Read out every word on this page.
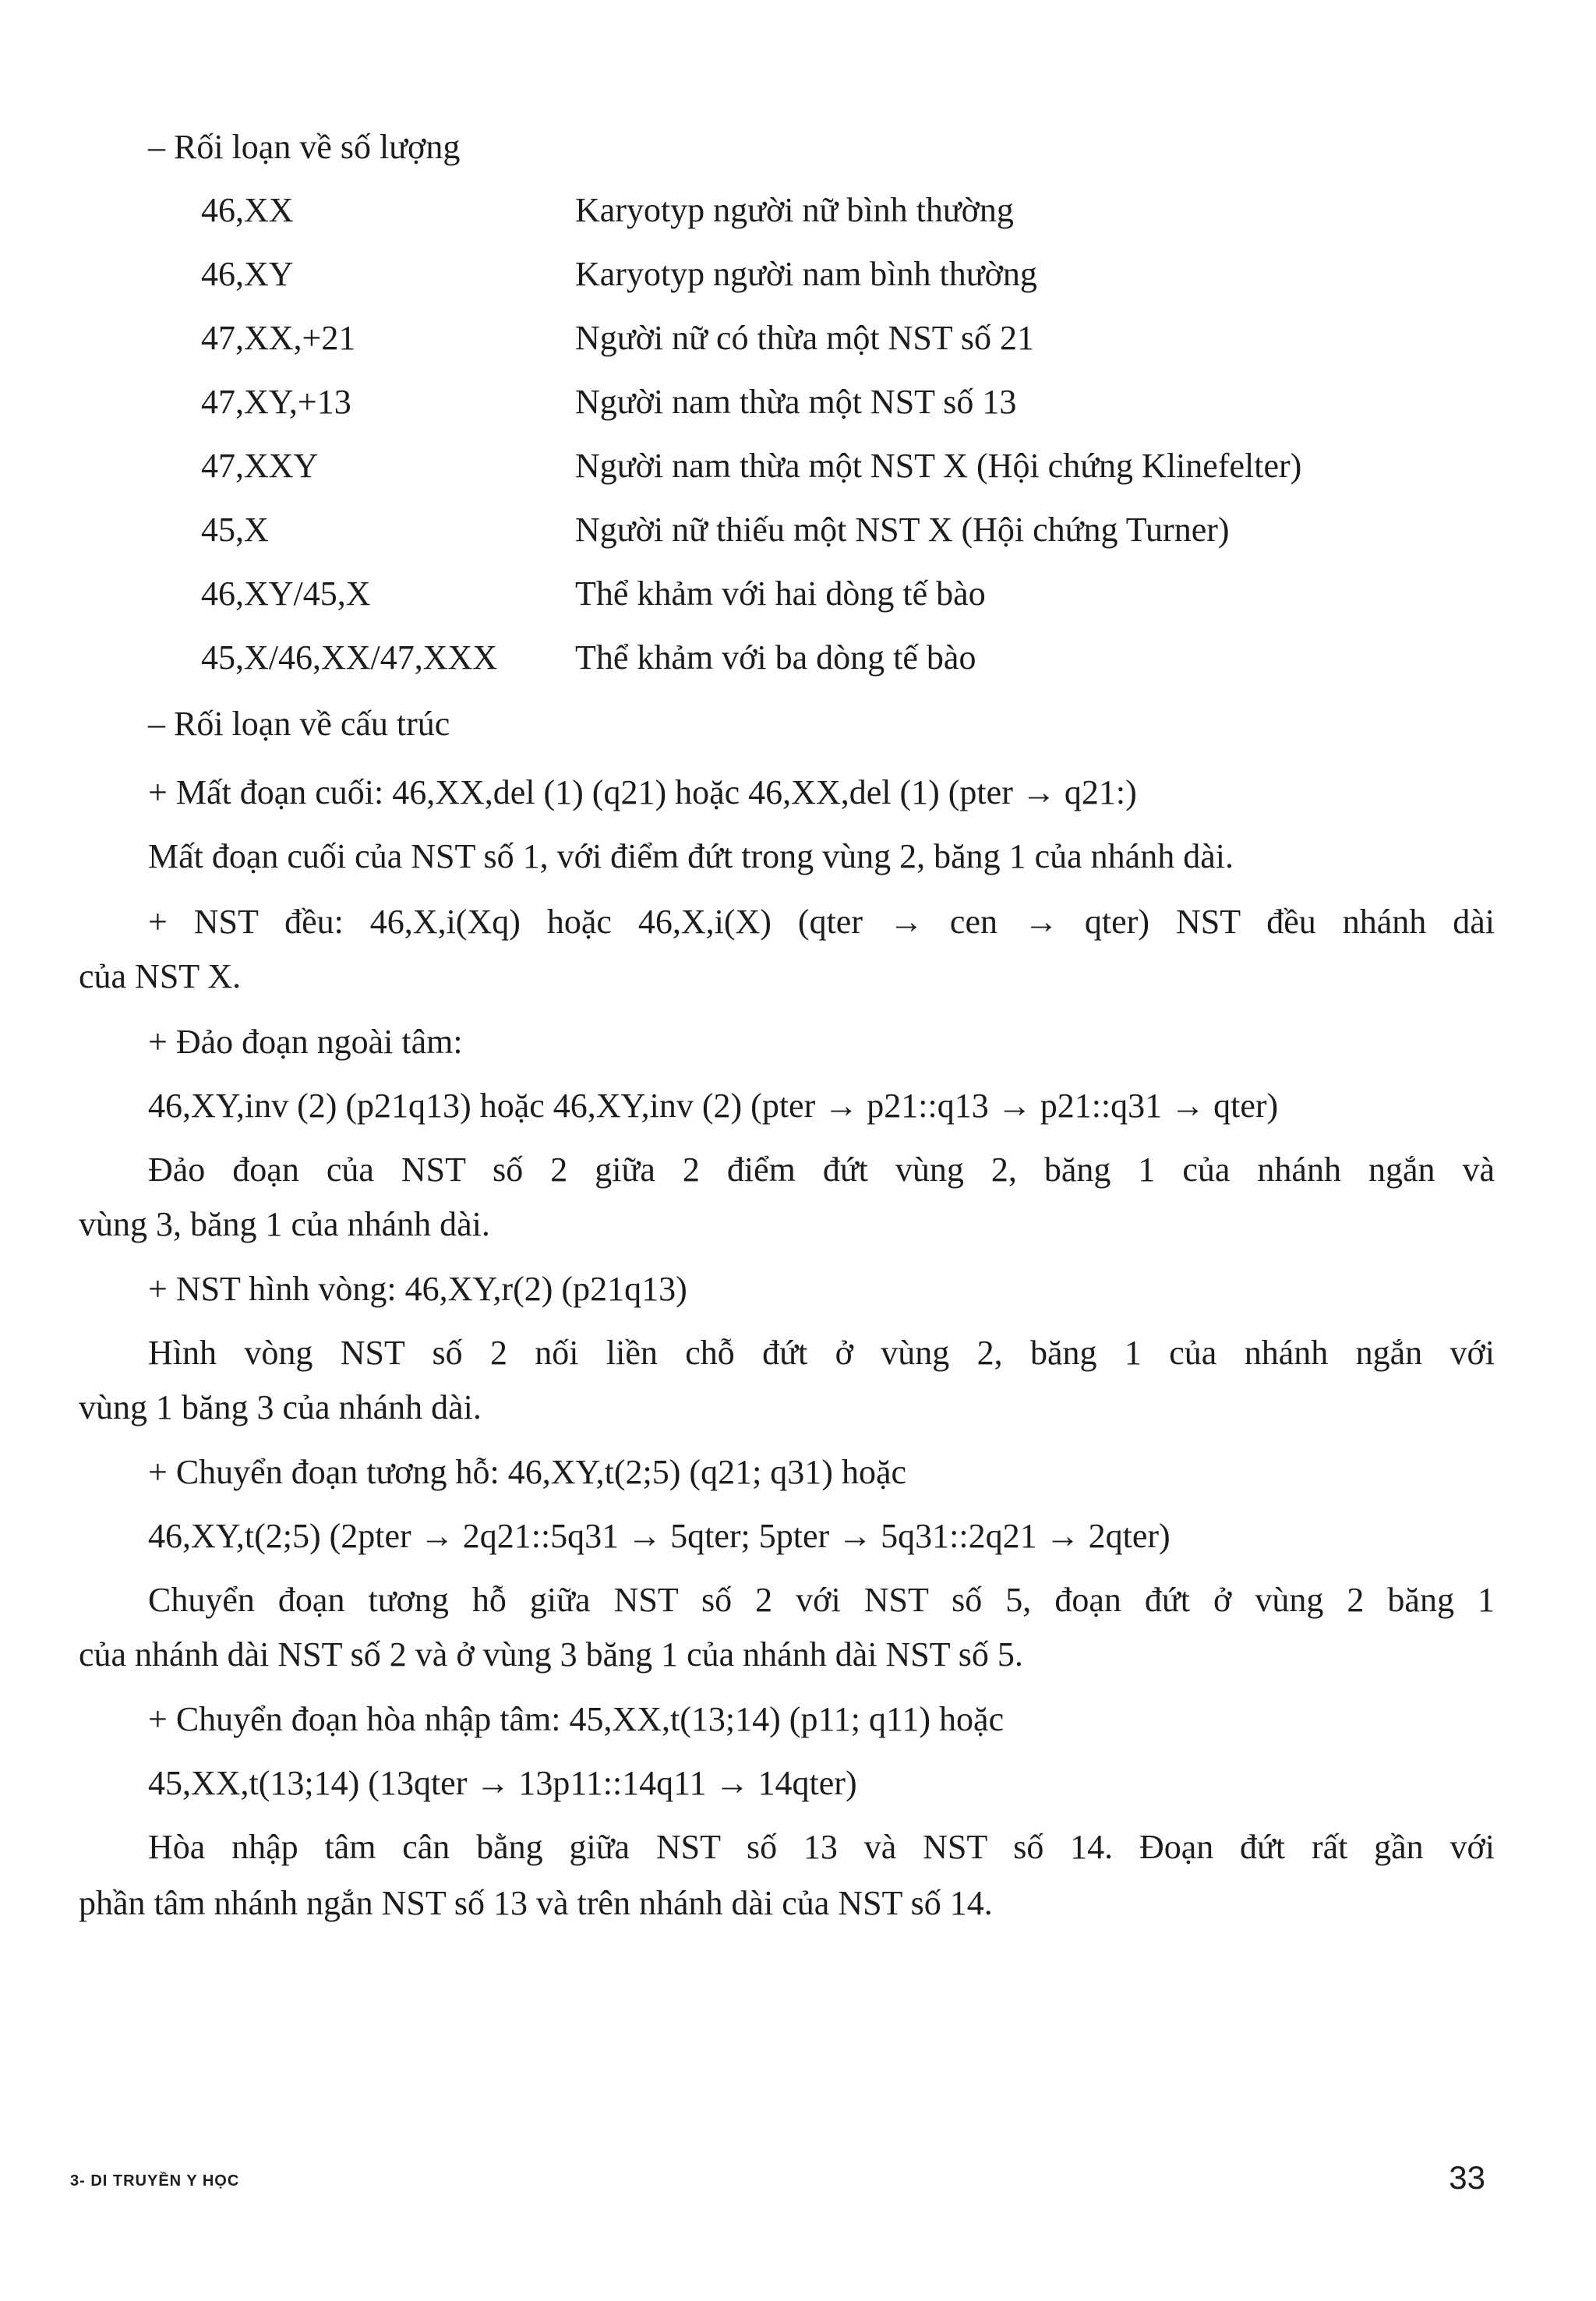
– Rối loạn về số lượng
46,XX	Karyotyp người nữ bình thường
46,XY	Karyotyp người nam bình thường
47,XX,+21	Người nữ có thừa một NST số 21
47,XY,+13	Người nam thừa một NST số 13
47,XXY	Người nam thừa một NST X (Hội chứng Klinefelter)
45,X	Người nữ thiếu một NST X (Hội chứng Turner)
46,XY/45,X	Thể khảm với hai dòng tế bào
45,X/46,XX/47,XXX Thể khảm với ba dòng tế bào
– Rối loạn về cấu trúc
+ Mất đoạn cuối: 46,XX,del (1) (q21) hoặc 46,XX,del (1) (pter → q21:)
Mất đoạn cuối của NST số 1, với điểm đứt trong vùng 2, băng 1 của nhánh dài.
+ NST đều: 46,X,i(Xq) hoặc 46,X,i(X) (qter → cen → qter) NST đều nhánh dài
của NST X.
+ Đảo đoạn ngoài tâm:
46,XY,inv (2) (p21q13) hoặc 46,XY,inv (2) (pter → p21::q13 → p21::q31 → qter)
Đảo đoạn của NST số 2 giữa 2 điểm đứt vùng 2, băng 1 của nhánh ngắn và
vùng 3, băng 1 của nhánh dài.
+ NST hình vòng: 46,XY,r(2) (p21q13)
Hình vòng NST số 2 nối liền chỗ đứt ở vùng 2, băng 1 của nhánh ngắn với
vùng 1 băng 3 của nhánh dài.
+ Chuyển đoạn tương hỗ: 46,XY,t(2;5) (q21; q31) hoặc
46,XY,t(2;5) (2pter → 2q21::5q31 → 5qter; 5pter → 5q31::2q21 → 2qter)
Chuyển đoạn tương hỗ giữa NST số 2 với NST số 5, đoạn đứt ở vùng 2 băng 1
của nhánh dài NST số 2 và ở vùng 3 băng 1 của nhánh dài NST số 5.
+ Chuyển đoạn hòa nhập tâm: 45,XX,t(13;14) (p11; q11) hoặc
45,XX,t(13;14) (13qter → 13p11::14q11 → 14qter)
Hòa nhập tâm cân bằng giữa NST số 13 và NST số 14. Đoạn đứt rất gần với
phần tâm nhánh ngắn NST số 13 và trên nhánh dài của NST số 14.
3- DI TRUYỀN Y HỌC	33
